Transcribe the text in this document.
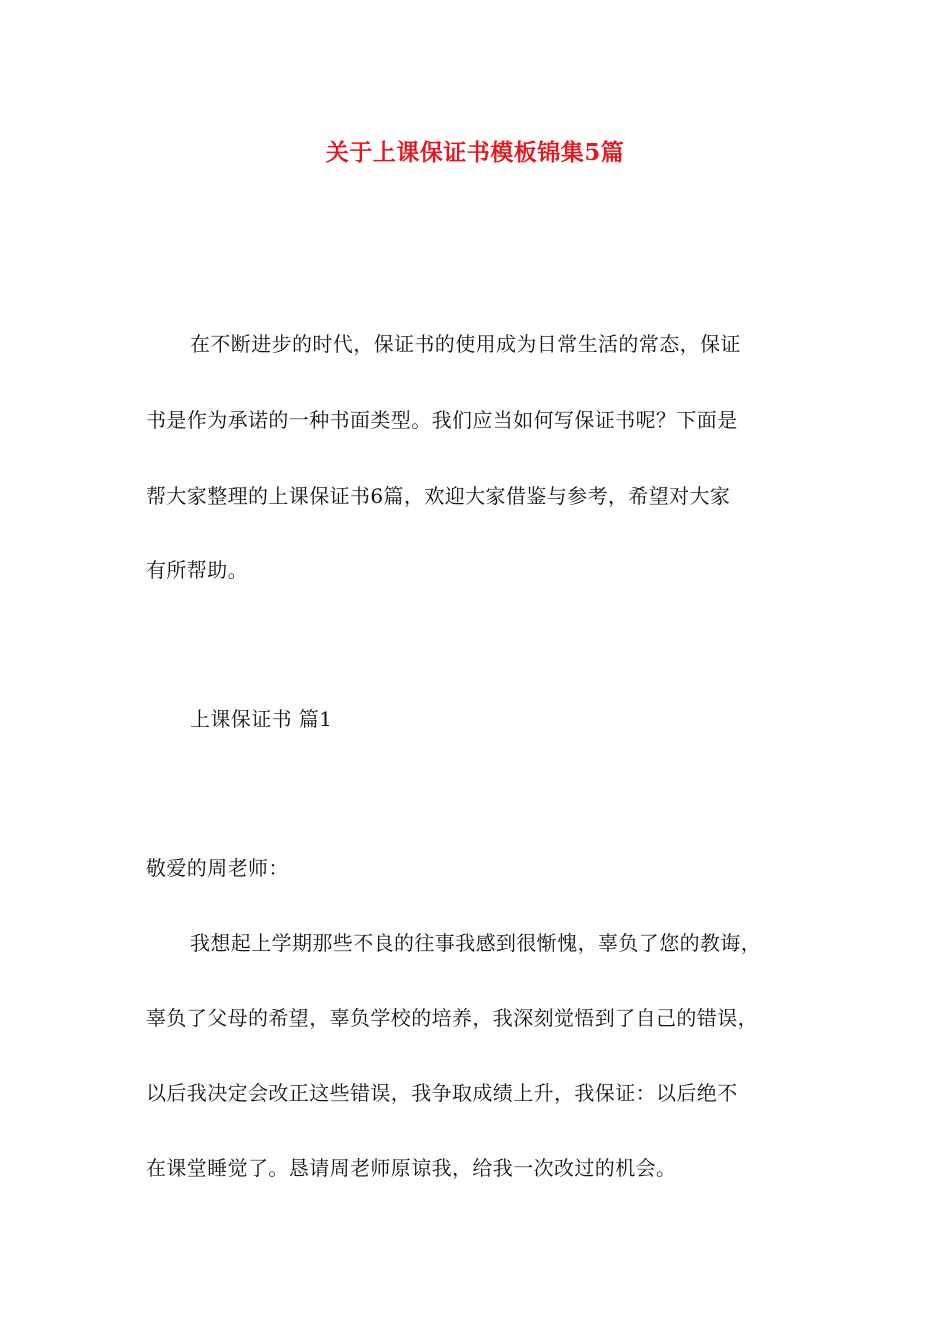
关于上课保证书模板锦集5篇
在不断进步的时代，保证书的使用成为日常生活的常态，保证
书是作为承诺的一种书面类型。我们应当如何写保证书呢？下面是
帮大家整理的上课保证书6篇，欢迎大家借鉴与参考，希望对大家
有所帮助。
上课保证书 篇1
敬爱的周老师：
我想起上学期那些不良的往事我感到很惭愧，辜负了您的教诲，
辜负了父母的希望，辜负学校的培养，我深刻觉悟到了自己的错误，
以后我决定会改正这些错误，我争取成绩上升，我保证：以后绝不
在课堂睡觉了。恳请周老师原谅我，给我一次改过的机会。
